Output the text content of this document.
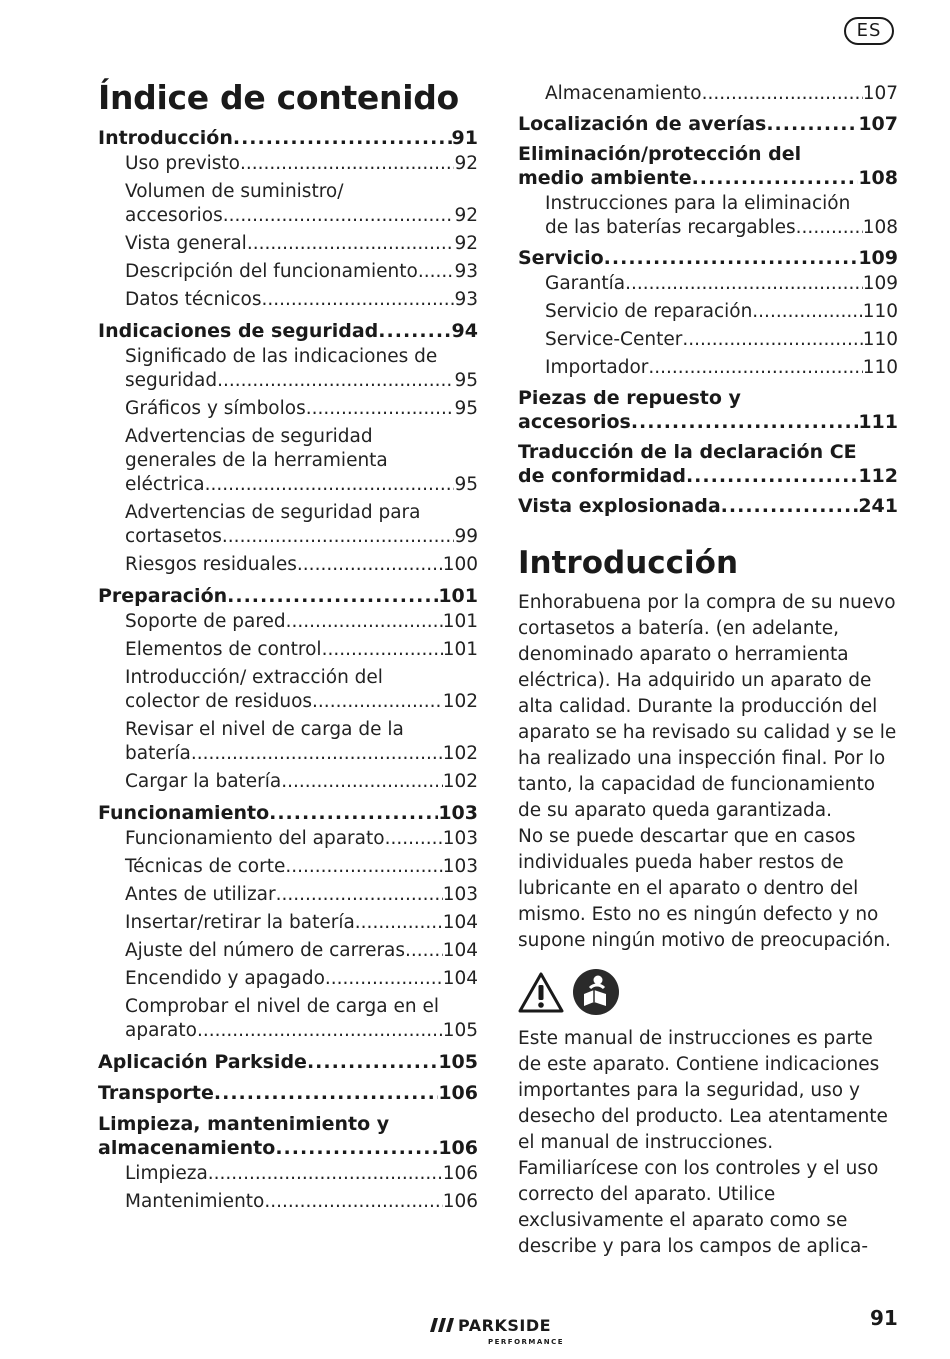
ES
Índice de contenido
Introducción .....	91
Uso previsto .....	92
Volumen de suministro/
accesorios .....	92
Vista general .....	92
Descripción del funcionamiento ..... 93
Datos técnicos .....	93
Indicaciones de seguridad .....	94
Significado de las indicaciones de
seguridad .....	95
Gráficos y símbolos .....	95
Advertencias de seguridad
generales de la herramienta
eléctrica .....	95
Advertencias de seguridad para
cortasetos .....	99
Riesgos residuales .....	100
Preparación .....	101
Soporte de pared .....	101
Elementos de control .....	101
Introducción/ extracción del
colector de residuos .....	102
Revisar el nivel de carga de la
batería .....	102
Cargar la batería .....	102
Funcionamiento .....	103
Funcionamiento del aparato .....	103
Técnicas de corte .....	103
Antes de utilizar .....	103
Insertar/retirar la batería .....	104
Ajuste del número de carreras ..... 104
Encendido y apagado .....	104
Comprobar el nivel de carga en el
aparato .....	105
Aplicación Parkside .....	105
Transporte .....	106
Limpieza, mantenimiento y
almacenamiento .....	106
Limpieza .....	106
Mantenimiento .....	106
Almacenamiento .....	107
Localización de averías .....	107
Eliminación/protección del
medio ambiente .....	108
Instrucciones para la eliminación
de las baterías recargables .....	108
Servicio .....	109
Garantía .....	109
Servicio de reparación .....	110
Service-Center .....	110
Importador .....	110
Piezas de repuesto y
accesorios .....	111
Traducción de la declaración CE
de conformidad .....	112
Vista explosionada .....	241
Introducción

Enhorabuena por la compra de su nuevo cortasetos a batería. (en adelante, denominado aparato o herramienta eléctrica). Ha adquirido un aparato de alta calidad. Durante la producción del aparato se ha revisado su calidad y se le ha realizado una inspección final. Por lo tanto, la capacidad de funcionamiento de su aparato queda garantizada.

No se puede descartar que en casos individuales pueda haber restos de lubricante en el aparato o dentro del mismo. Esto no es ningún defecto y no supone ningún motivo de preocupación.

Este manual de instrucciones es parte de este aparato. Contiene indicaciones importantes para la seguridad, uso y desecho del producto. Lea atentamente el manual de instrucciones. Familiarícese con los controles y el uso correcto del aparato. Utilice exclusivamente el aparato como se describe y para los campos de aplica-

PARKSIDE
PERFORMANCE
91
